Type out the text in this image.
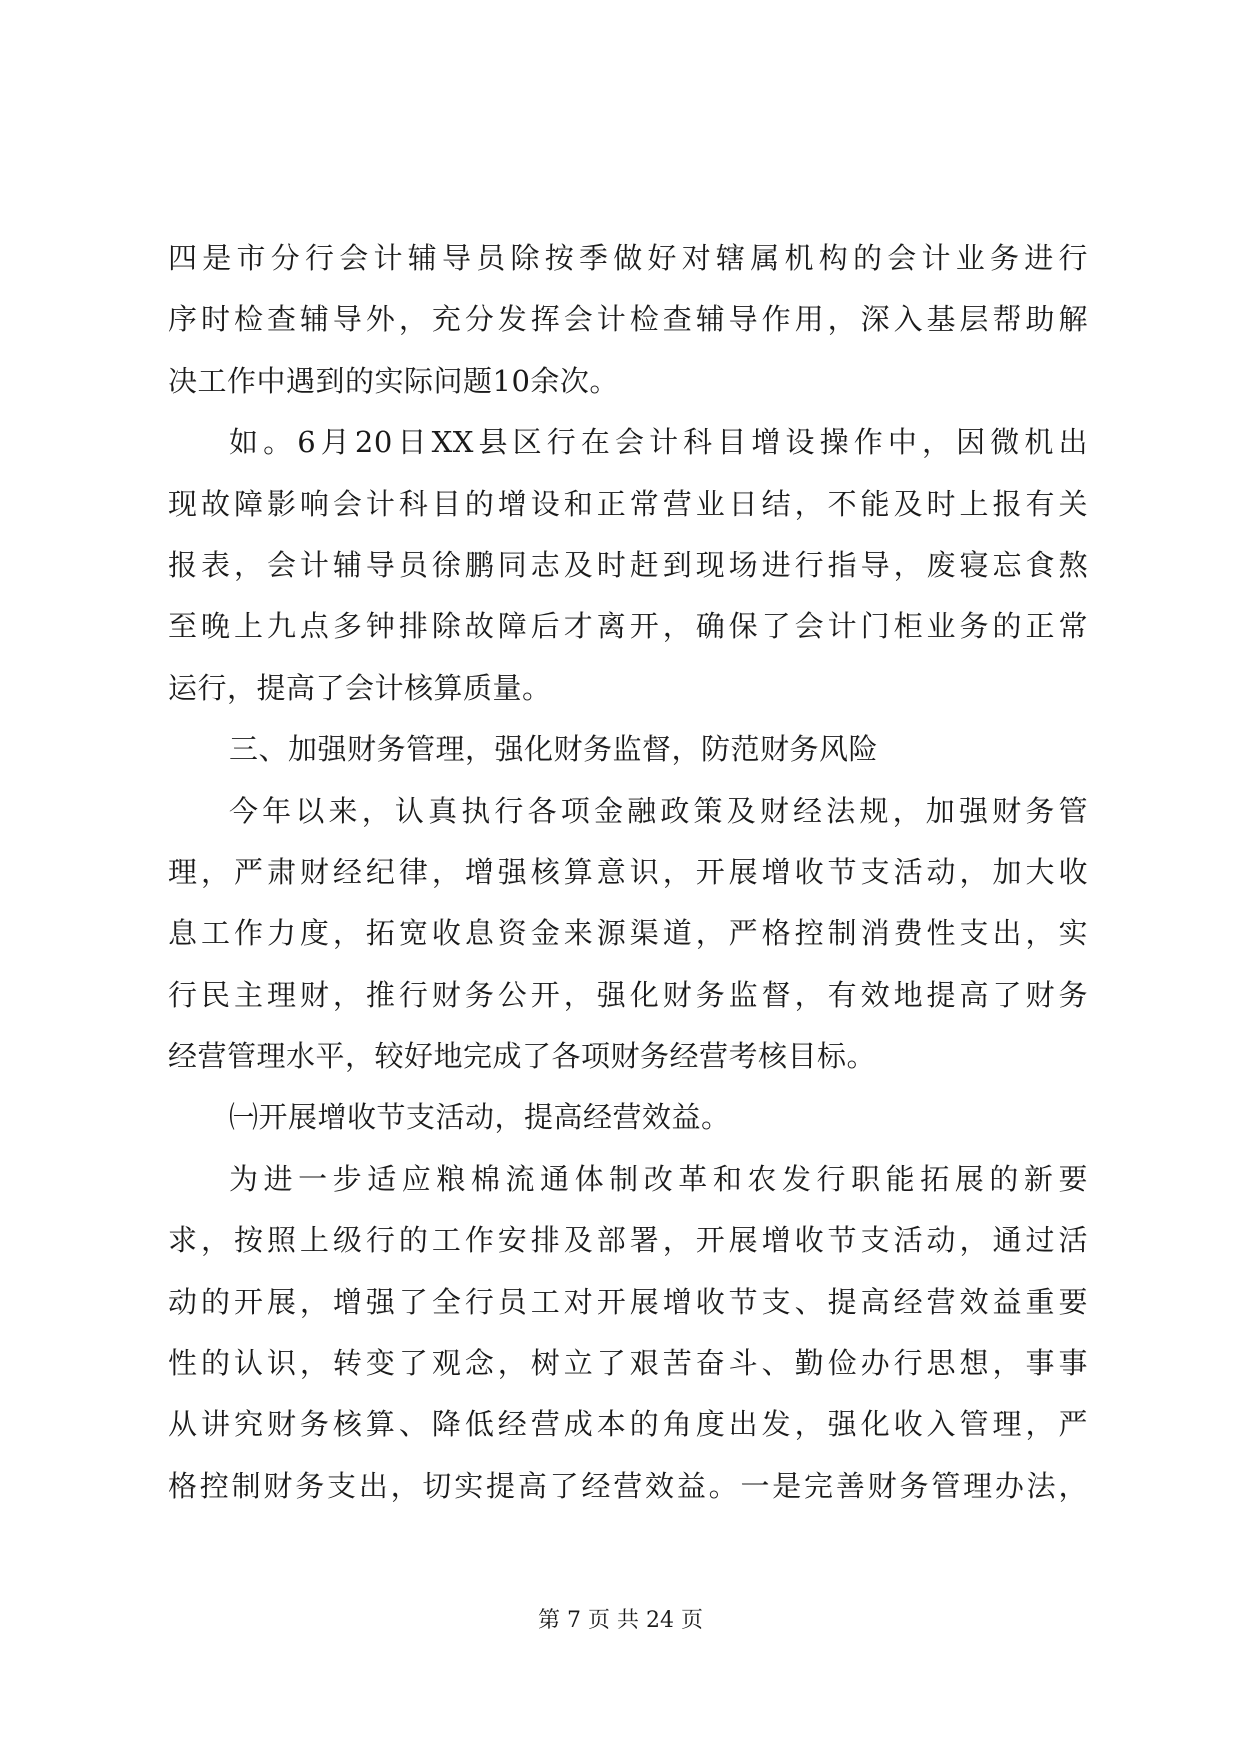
四是市分行会计辅导员除按季做好对辖属机构的会计业务进行
序时检查辅导外，充分发挥会计检查辅导作用，深入基层帮助解
决工作中遇到的实际问题10余次。
如。6月20日XX县区行在会计科目增设操作中，因微机出
现故障影响会计科目的增设和正常营业日结，不能及时上报有关
报表，会计辅导员徐鹏同志及时赶到现场进行指导，废寝忘食熬
至晚上九点多钟排除故障后才离开，确保了会计门柜业务的正常
运行，提高了会计核算质量。
三、加强财务管理，强化财务监督，防范财务风险
今年以来，认真执行各项金融政策及财经法规，加强财务管
理，严肃财经纪律，增强核算意识，开展增收节支活动，加大收
息工作力度，拓宽收息资金来源渠道，严格控制消费性支出，实
行民主理财，推行财务公开，强化财务监督，有效地提高了财务
经营管理水平，较好地完成了各项财务经营考核目标。
㈠开展增收节支活动，提高经营效益。
为进一步适应粮棉流通体制改革和农发行职能拓展的新要
求，按照上级行的工作安排及部署，开展增收节支活动，通过活
动的开展，增强了全行员工对开展增收节支、提高经营效益重要
性的认识，转变了观念，树立了艰苦奋斗、勤俭办行思想，事事
从讲究财务核算、降低经营成本的角度出发，强化收入管理，严
格控制财务支出，切实提高了经营效益。一是完善财务管理办法，
第 7 页 共 24 页
